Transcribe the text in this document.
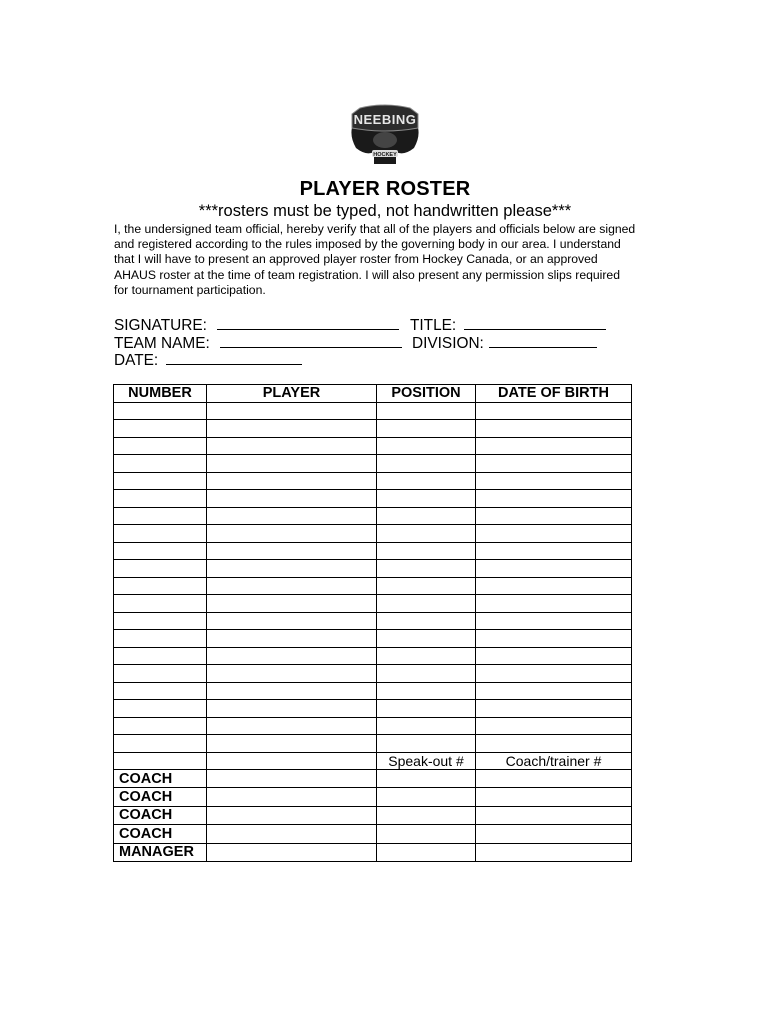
NEEBING
HOCKEY
PLAYER ROSTER
***rosters must be typed, not handwritten please***
I, the undersigned team official, hereby verify that all of the players and officials below are signed
and registered according to the rules imposed by the governing body in our area. I understand
that I will have to present an approved player roster from Hockey Canada, or an approved
AHAUS roster at the time of team registration. I will also present any permission slips required
for tournament participation.
SIGNATURE:	TITLE:
TEAM NAME:	DIVISION:
DATE:
NUMBER	PLAYER	POSITION	DATE OF BIRTH

		Speak-out #	Coach/trainer #
COACH			
COACH			
COACH			
COACH			
MANAGER			
